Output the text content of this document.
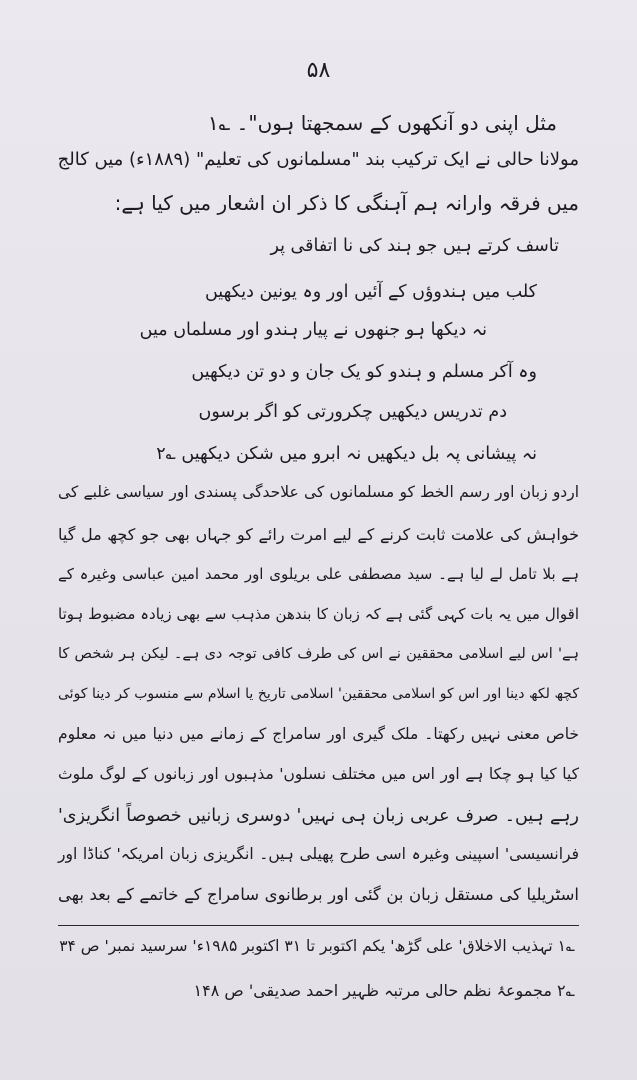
۵۸
مثل اپنی دو آنکھوں کے سمجھتا ہوں"۔ ؎۱
مولانا حالی نے ایک ترکیب بند "مسلمانوں کی تعلیم" (۱۸۸۹ء) میں کالج
میں فرقہ وارانہ ہم آہنگی کا ذکر ان اشعار میں کیا ہے:
تاسف کرتے ہیں جو ہند کی نا اتفاقی پر
کلب میں ہندوؤں کے آئیں اور وہ یونین دیکھیں
نہ دیکھا ہو جنھوں نے پیار ہندو اور مسلماں میں
وہ آکر مسلم و ہندو کو یک جان و دو تن دیکھیں
دم تدریس دیکھیں چکرورتی کو اگر برسوں
نہ پیشانی پہ بل دیکھیں نہ ابرو میں شکن دیکھیں ؎۲
اردو زبان اور رسم الخط کو مسلمانوں کی علاحدگی پسندی اور سیاسی غلبے کی
خواہش کی علامت ثابت کرنے کے لیے امرت رائے کو جہاں بھی جو کچھ مل گیا
ہے بلا تامل لے لیا ہے۔ سید مصطفی علی بریلوی اور محمد امین عباسی وغیرہ کے
اقوال میں یہ بات کہی گئی ہے کہ زبان کا بندھن مذہب سے بھی زیادہ مضبوط ہوتا
ہے' اس لیے اسلامی محققین نے اس کی طرف کافی توجہ دی ہے۔ لیکن ہر شخص کا
کچھ لکھ دینا اور اس کو اسلامی محققین' اسلامی تاریخ یا اسلام سے منسوب کر دینا کوئی
خاص معنی نہیں رکھتا۔ ملک گیری اور سامراج کے زمانے میں دنیا میں نہ معلوم
کیا کیا ہو چکا ہے اور اس میں مختلف نسلوں' مذہبوں اور زبانوں کے لوگ ملوث
رہے ہیں۔ صرف عربی زبان ہی نہیں' دوسری زبانیں خصوصاً انگریزی'
فرانسیسی' اسپینی وغیرہ اسی طرح پھیلی ہیں۔ انگریزی زبان امریکہ' کناڈا اور
اسٹریلیا کی مستقل زبان بن گئی اور برطانوی سامراج کے خاتمے کے بعد بھی
؎۱ تہذیب الاخلاق' علی گڑھ' یکم اکتوبر تا ۳۱ اکتوبر ۱۹۸۵ء' سرسید نمبر' ص ۳۴
؎۲ مجموعۂ نظم حالی مرتبہ ظہیر احمد صدیقی' ص ۱۴۸
